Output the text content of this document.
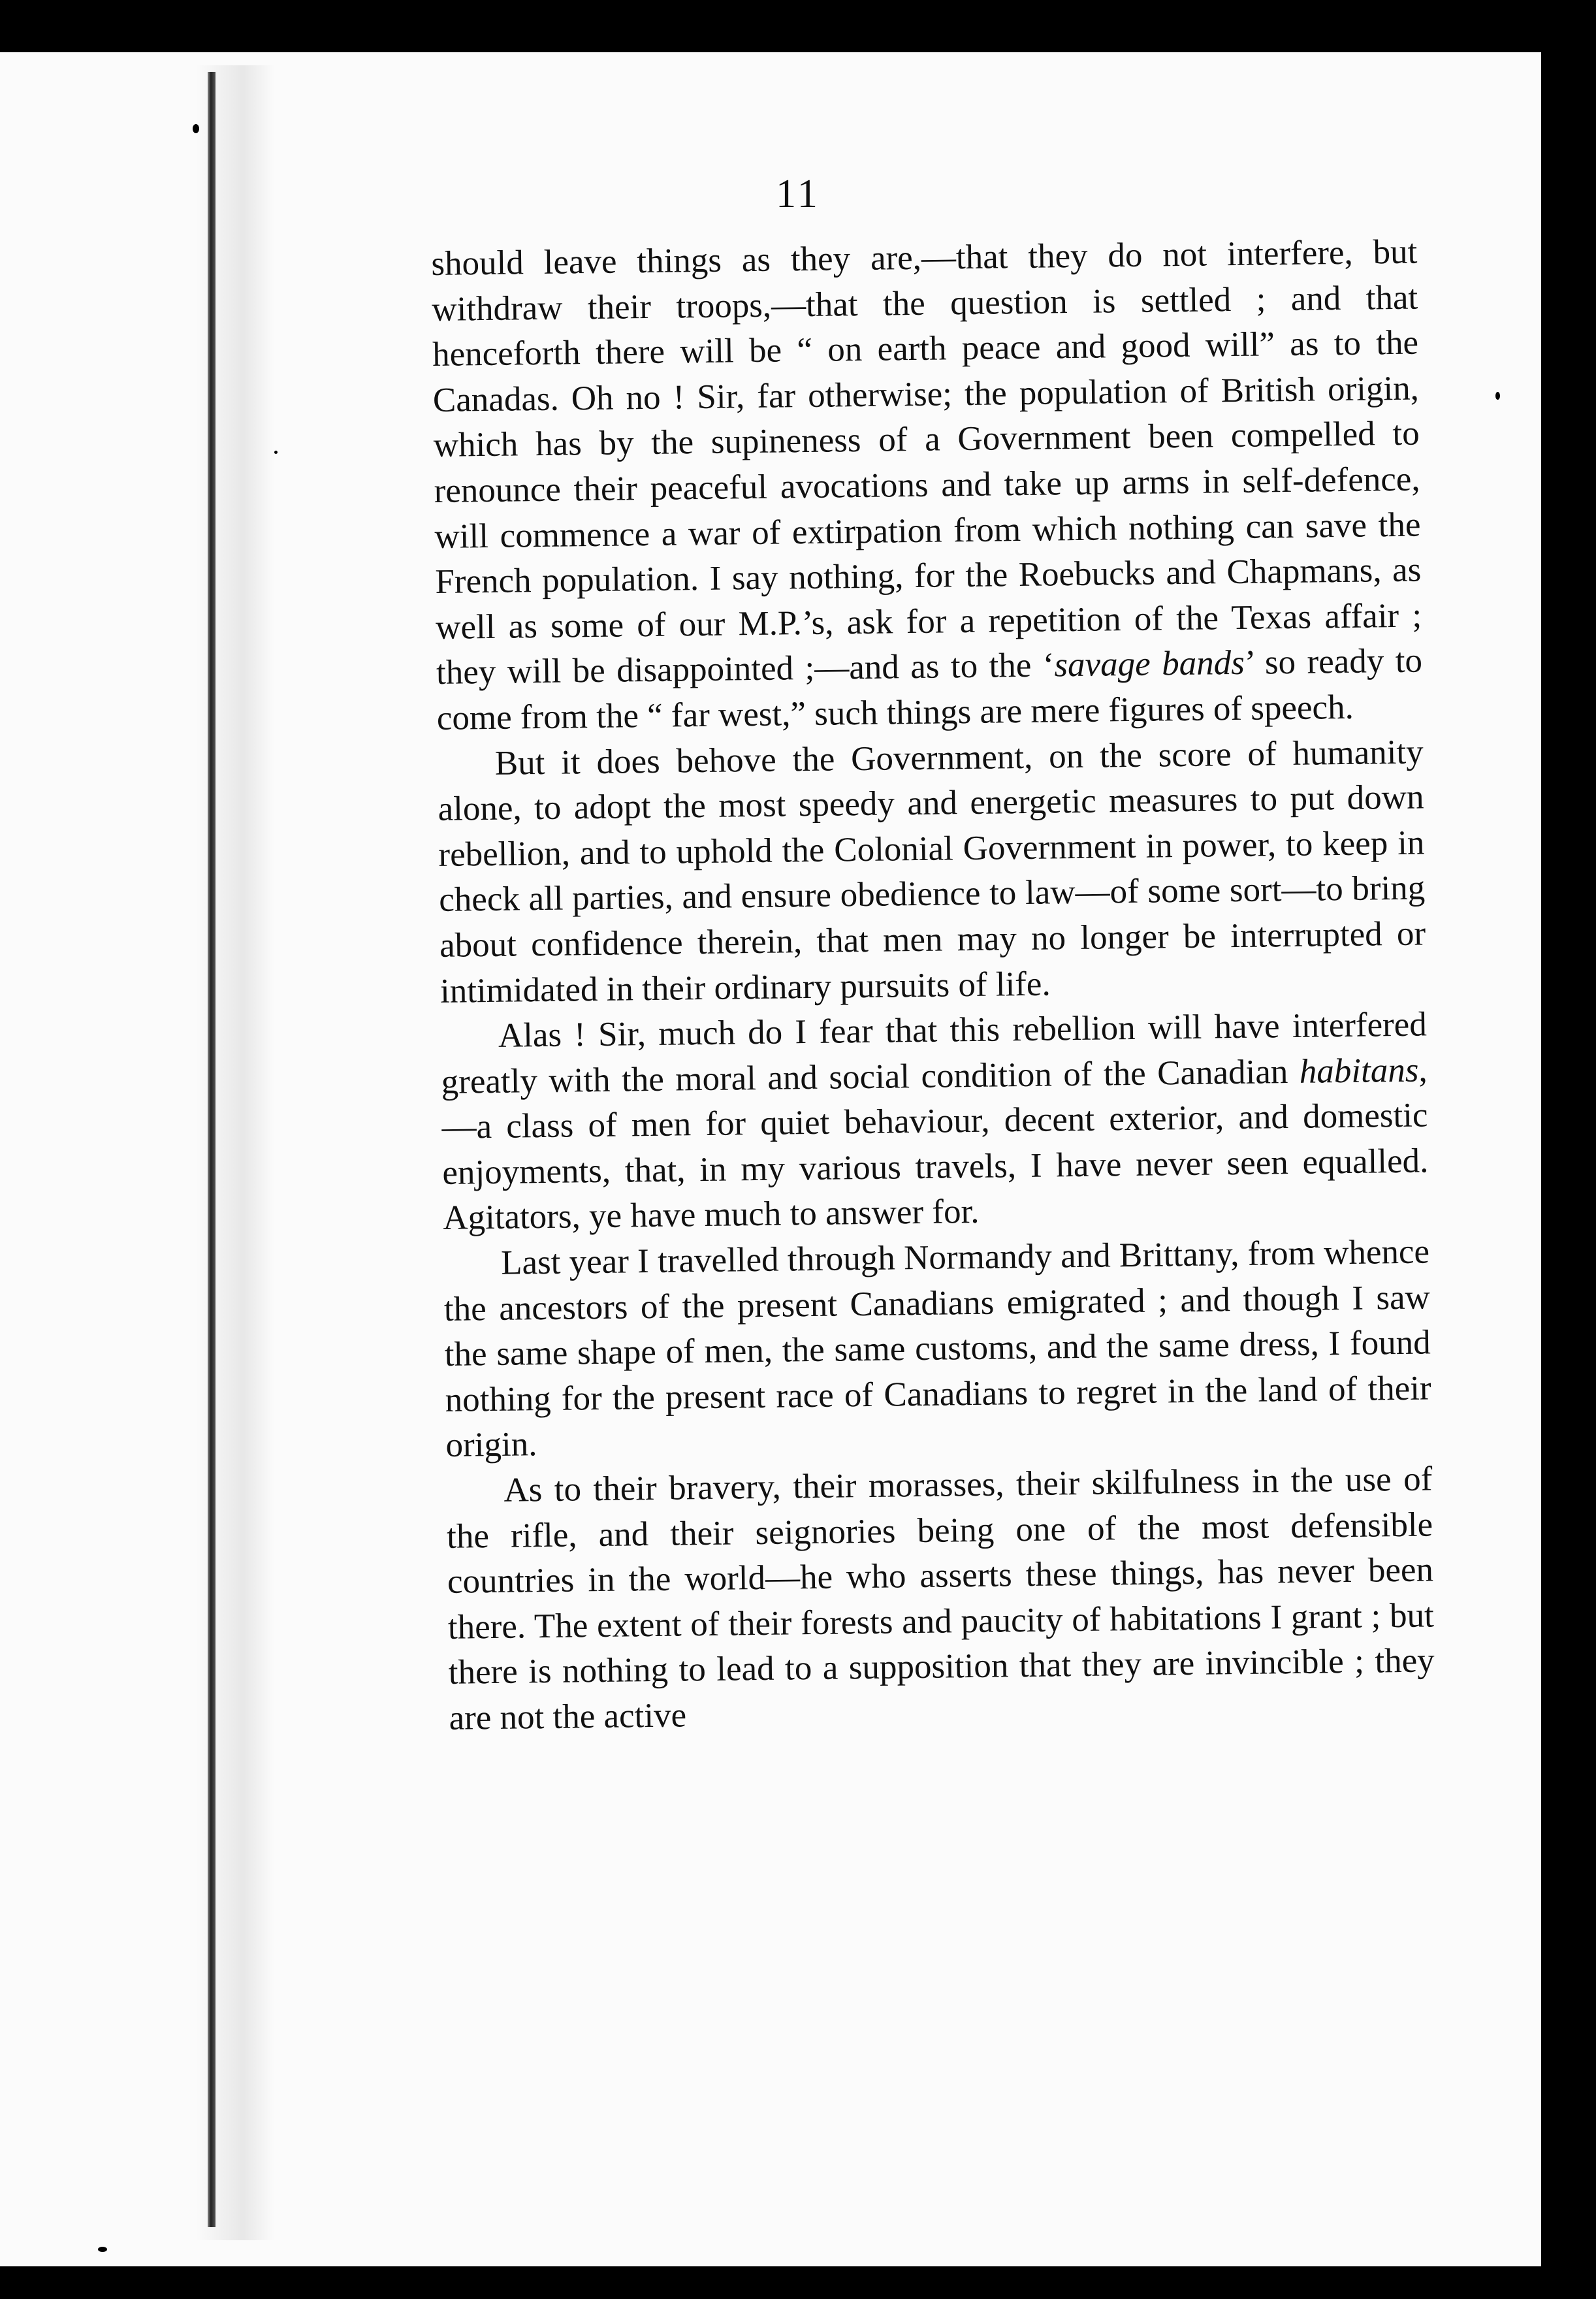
11

should leave things as they are,—that they do not interfere, but withdraw their troops,—that the question is settled ; and that henceforth there will be “ on earth peace and good will” as to the Canadas. Oh no ! Sir, far otherwise; the population of British origin, which has by the supineness of a Government been compelled to renounce their peaceful avocations and take up arms in self-defence, will commence a war of extirpation from which nothing can save the French population. I say nothing, for the Roebucks and Chapmans, as well as some of our M.P.’s, ask for a repetition of the Texas affair ; they will be disappointed ;—and as to the ‘savage bands’ so ready to come from the “ far west,” such things are mere figures of speech.

But it does behove the Government, on the score of humanity alone, to adopt the most speedy and energetic measures to put down rebellion, and to uphold the Colonial Government in power, to keep in check all parties, and ensure obedience to law—of some sort—to bring about confidence therein, that men may no longer be interrupted or intimidated in their ordinary pursuits of life.

Alas ! Sir, much do I fear that this rebellion will have interfered greatly with the moral and social condition of the Canadian habitans,—a class of men for quiet behaviour, decent exterior, and domestic enjoyments, that, in my various travels, I have never seen equalled. Agitators, ye have much to answer for.

Last year I travelled through Normandy and Brittany, from whence the ancestors of the present Canadians emigrated ; and though I saw the same shape of men, the same customs, and the same dress, I found nothing for the present race of Canadians to regret in the land of their origin.

As to their bravery, their morasses, their skilfulness in the use of the rifle, and their seignories being one of the most defensible countries in the world—he who asserts these things, has never been there. The extent of their forests and paucity of habitations I grant ; but there is nothing to lead to a supposition that they are invincible ; they are not the active
